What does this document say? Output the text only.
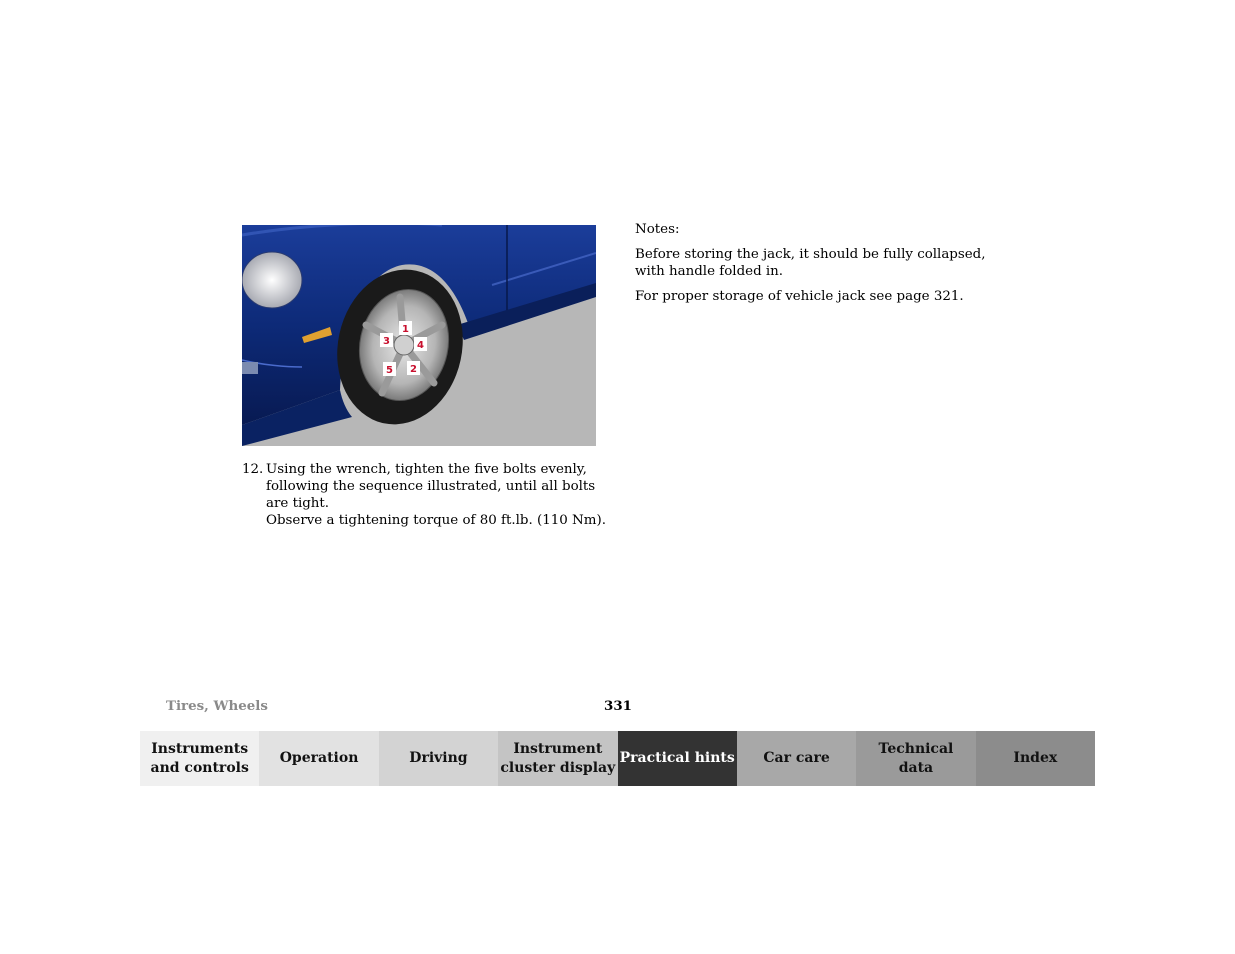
1
2
3	4
5
12. Using the wrench, tighten the five bolts evenly, following the sequence illustrated, until all bolts are tight.

Observe a tightening torque of 80 ft.lb. (110 Nm).

Notes:

Before storing the jack, it should be fully collapsed, with handle folded in.

For proper storage of vehicle jack see page 321.

Tires, Wheels	331
Instruments
and controls
Operation	Driving
Instrument
cluster display
Practical hints	Car care
Technical
data
Index
